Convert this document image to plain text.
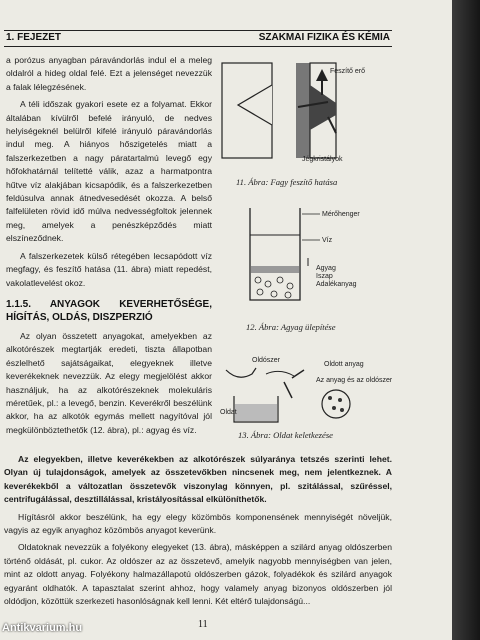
1. FEJEZET	SZAKMAI FIZIKA ÉS KÉMIA

a porózus anyagban páravándorlás indul el a meleg oldalról a hideg oldal felé. Ezt a jelenséget nevezzük a falak lélegzésének.

A téli időszak gyakori esete ez a folyamat. Ekkor általában kívülről befelé irányuló, de nedves helyiségeknél belülről kifelé irányuló páravándorlás indul meg. A hiányos hőszigetelés miatt a falszerkezetben a nagy páratartalmú levegő egy hőfokhatárnál telítetté válik, azaz a harmatpontra hűtve víz alakjában kicsapódik, és a falszerkezetben feldúsulva annak átnedvesedését okozza. A belső falfelületen rövid idő múlva nedvességfoltok jelennek meg, amelyek a penészképződés miatt elszíneződnek.

A falszerkezetek külső rétegében lecsapódott víz megfagy, és feszítő hatása (11. ábra) miatt repedést, vakolatlevelést okoz.

1.1.5. ANYAGOK KEVERHETŐSÉGE, HÍGÍTÁS, OLDÁS, DISZPERZIÓ

Az olyan összetett anyagokat, amelyekben az alkotórészek megtartják eredeti, tiszta állapotban észlelhető sajátságaikat, elegyeknek illetve keverékeknek nevezzük. Az elegy megjelölést akkor használjuk, ha az alkotórészeknek molekuláris méretűek, pl.: a levegő, benzin. Keverékről beszélünk akkor, ha az alkotók egymás mellett nagyítóval jól megkülönböztethetők (12. ábra), pl.: agyag és víz.

Feszítő erő
Jégkristályok
11. Ábra: Fagy feszítő hatása
Mérőhenger
Víz
Agyag
Iszap
Adalékanyag
12. Ábra: Agyag ülepítése
Oldószer
Oldott anyag
Az anyag és az oldószer
Oldat
13. Ábra: Oldat keletkezése

Az elegyekben, illetve keverékekben az alkotórészek súlyaránya tetszés szerinti lehet. Olyan új tulajdonságok, amelyek az összetevőkben nincsenek meg, nem jelentkeznek. A keverékekből a változatlan összetevők viszonylag könnyen, pl. szitálással, szűréssel, centrifugálással, desztillálással, kristályosítással elkülöníthetők.

Hígításról akkor beszélünk, ha egy elegy közömbös komponensének mennyiségét növeljük, vagyis az egyik anyaghoz közömbös anyagot keverünk.

Oldatoknak nevezzük a folyékony elegyeket (13. ábra), másképpen a szilárd anyag oldószerben történő oldását, pl. cukor. Az oldószer az az összetevő, amelyik nagyobb mennyiségben van jelen, mint az oldott anyag. Folyékony halmazállapotú oldószerben gázok, folyadékok és szilárd anyagok egyaránt oldhatók. A tapasztalat szerint ahhoz, hogy valamely anyag bizonyos oldószerben jól oldódjon, közöttük szerkezeti hasonlóságnak kell lenni. Két eltérő tulajdonságú...

11
Antikvarium.hu
